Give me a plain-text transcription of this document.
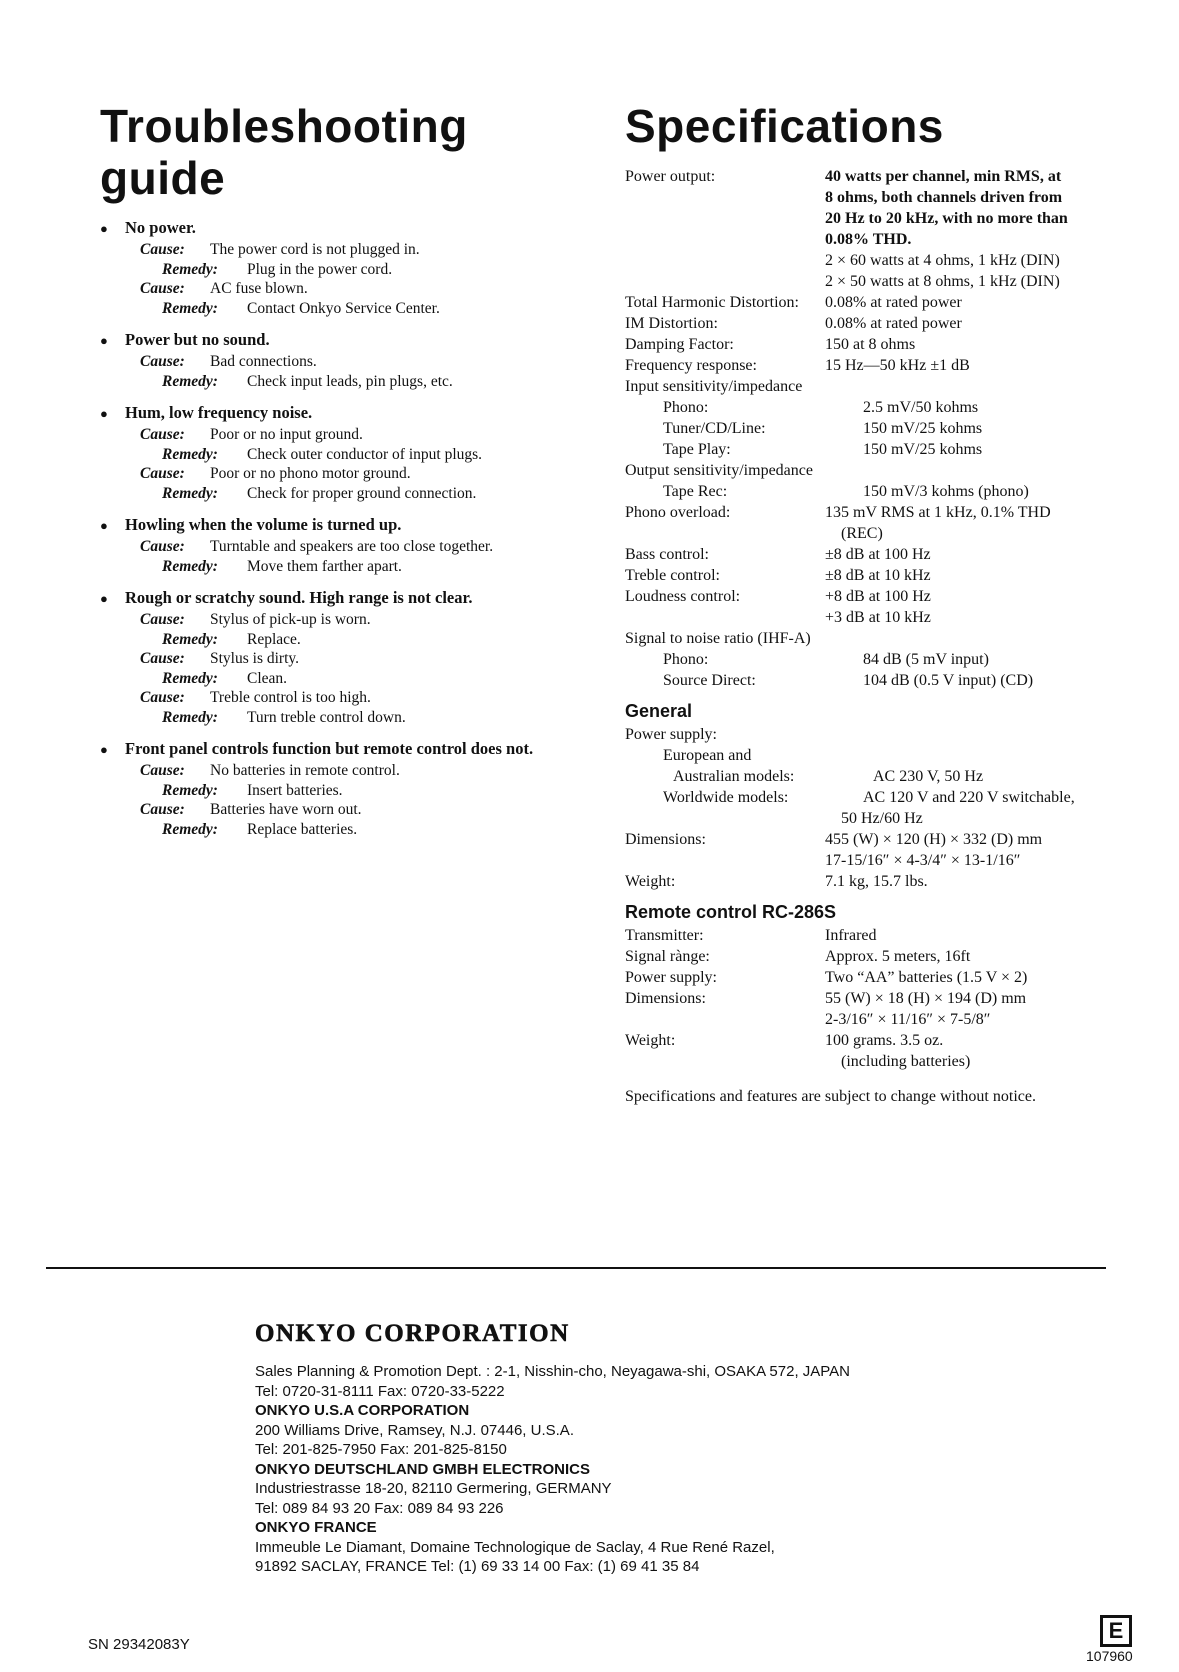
Troubleshooting
guide
●	No power.
Cause: The power cord is not plugged in.
Remedy: Plug in the power cord.
Cause: AC fuse blown.
Remedy: Contact Onkyo Service Center.
●	Power but no sound.
Cause: Bad connections.
Remedy: Check input leads, pin plugs, etc.
●	Hum, low frequency noise.
Cause: Poor or no input ground.
Remedy: Check outer conductor of input plugs.
Cause: Poor or no phono motor ground.
Remedy: Check for proper ground connection.
●	Howling when the volume is turned up.
Cause: Turntable and speakers are too close together.
Remedy: Move them farther apart.
●	Rough or scratchy sound. High range is not clear.
Cause: Stylus of pick-up is worn.
Remedy: Replace.
Cause: Stylus is dirty.
Remedy: Clean.
Cause: Treble control is too high.
Remedy: Turn treble control down.
●	Front panel controls function but remote control does not.
Cause: No batteries in remote control.
Remedy: Insert batteries.
Cause: Batteries have worn out.
Remedy: Replace batteries.
Specifications
Power output:	40 watts per channel, min RMS, at
8 ohms, both channels driven from
20 Hz to 20 kHz, with no more than
0.08% THD.
2 × 60 watts at 4 ohms, 1 kHz (DIN)
2 × 50 watts at 8 ohms, 1 kHz (DIN)
Total Harmonic Distortion:	0.08% at rated power
IM Distortion:	0.08% at rated power
Damping Factor:	150 at 8 ohms
Frequency response:	15 Hz—50 kHz ±1 dB
Input sensitivity/impedance
Phono:	2.5 mV/50 kohms
Tuner/CD/Line:	150 mV/25 kohms
Tape Play:	150 mV/25 kohms
Output sensitivity/impedance
Tape Rec:	150 mV/3 kohms (phono)
Phono overload:	135 mV RMS at 1 kHz, 0.1% THD
(REC)
Bass control:	±8 dB at 100 Hz
Treble control:	±8 dB at 10 kHz
Loudness control:	+8 dB at 100 Hz
+3 dB at 10 kHz
Signal to noise ratio (IHF-A)
Phono:	84 dB (5 mV input)
Source Direct:	104 dB (0.5 V input) (CD)
General
Power supply:
European and
Australian models:	AC 230 V, 50 Hz
Worldwide models:	AC 120 V and 220 V switchable,
50 Hz/60 Hz
Dimensions:	455 (W) × 120 (H) × 332 (D) mm
17-15/16″ × 4-3/4″ × 13-1/16″
Weight:	7.1 kg, 15.7 lbs.
Remote control RC-286S
Transmitter:	Infrared
Signal rànge:	Approx. 5 meters, 16ft
Power supply:	Two “AA” batteries (1.5 V × 2)
Dimensions:	55 (W) × 18 (H) × 194 (D) mm
2-3/16″ × 11/16″ × 7-5/8″
Weight:	100 grams. 3.5 oz.
(including batteries)
Specifications and features are subject to change without notice.
ONKYO CORPORATION
Sales Planning & Promotion Dept. : 2-1, Nisshin-cho, Neyagawa-shi, OSAKA 572, JAPAN
Tel: 0720-31-8111 Fax: 0720-33-5222
ONKYO U.S.A CORPORATION
200 Williams Drive, Ramsey, N.J. 07446, U.S.A.
Tel: 201-825-7950 Fax: 201-825-8150
ONKYO DEUTSCHLAND GMBH ELECTRONICS
Industriestrasse 18-20, 82110 Germering, GERMANY
Tel: 089 84 93 20 Fax: 089 84 93 226
ONKYO FRANCE
Immeuble Le Diamant, Domaine Technologique de Saclay, 4 Rue René Razel,
91892 SACLAY, FRANCE Tel: (1) 69 33 14 00 Fax: (1) 69 41 35 84
SN 29342083Y
E
107960
